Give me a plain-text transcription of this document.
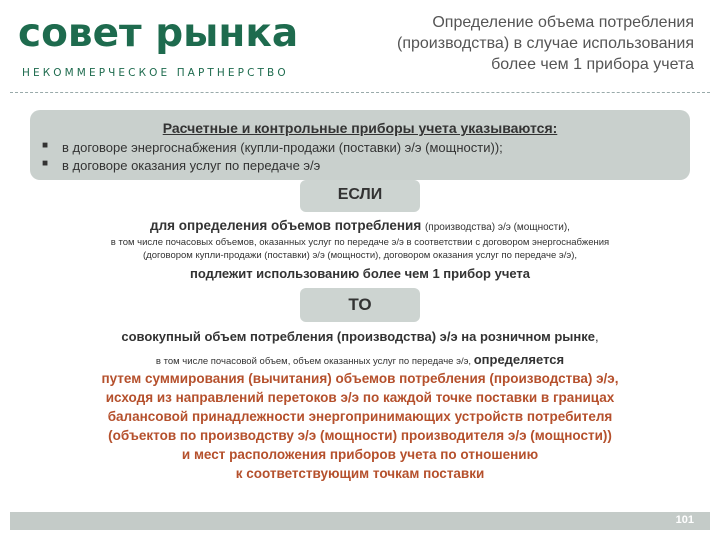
совет рынка
НЕКОММЕРЧЕСКОЕ ПАРТНЕРСТВО
Определение объема потребления
(производства) в случае использования
более чем 1 прибора учета
Расчетные и контрольные приборы учета указываются:
■ в договоре энергоснабжения (купли-продажи (поставки) э/э (мощности));
■ в договоре оказания услуг по передаче э/э
ЕСЛИ
для определения объемов потребления (производства) э/э (мощности),
в том числе почасовых объемов, оказанных услуг по передаче э/э в соответствии с договором энергоснабжения
(договором купли-продажи (поставки) э/э (мощности), договором оказания услуг по передаче э/э),
подлежит использованию более чем 1 прибор учета
ТО
совокупный объем потребления (производства) э/э на розничном рынке,
в том числе почасовой объем, объем оказанных услуг по передаче э/э, определяется
путем суммирования (вычитания) объемов потребления (производства) э/э,
исходя из направлений перетоков э/э по каждой точке поставки в границах
балансовой принадлежности энергопринимающих устройств потребителя
(объектов по производству э/э (мощности) производителя э/э (мощности))
и мест расположения приборов учета по отношению
к соответствующим точкам поставки
101
